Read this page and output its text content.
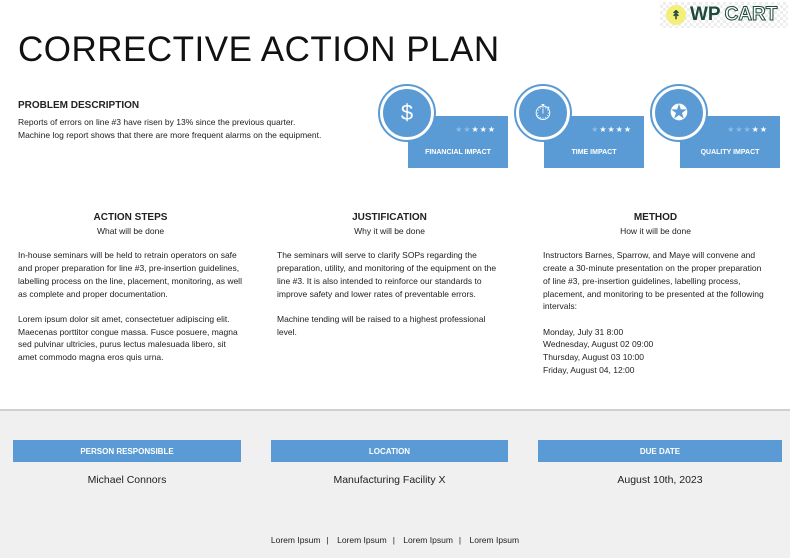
↟ WP CART
CORRECTIVE ACTION PLAN
PROBLEM DESCRIPTION
Reports of errors on line #3 have risen by 13% since the previous quarter.
Machine log report shows that there are more frequent alarms on the equipment.
★★★★★
FINANCIAL IMPACT
$
★★★★★
TIME IMPACT
⏱
★★★★★
QUALITY IMPACT
✪
ACTION STEPS
What will be done

In-house seminars will be held to retrain operators on safe and proper preparation for line #3, pre-insertion guidelines, labelling process on the line, placement, monitoring, as well as complete and proper documentation.

Lorem ipsum dolor sit amet, consectetuer adipiscing elit. Maecenas porttitor congue massa. Fusce posuere, magna sed pulvinar ultricies, purus lectus malesuada libero, sit amet commodo magna eros quis urna.

JUSTIFICATION
Why it will be done

The seminars will serve to clarify SOPs regarding the preparation, utility, and monitoring of the equipment on the line #3. It is also intended to reinforce our standards to improve safety and lower rates of preventable errors.

Machine tending will be raised to a highest professional level.

METHOD
How it will be done

Instructors Barnes, Sparrow, and Maye will convene and create a 30-minute presentation on the proper preparation of line #3, pre-insertion guidelines, labelling process, placement, and monitoring to be presented at the following intervals:

Monday, July 31 8:00
Wednesday, August 02 09:00
Thursday, August 03 10:00
Friday, August 04, 12:00
PERSON RESPONSIBLE	LOCATION	DUE DATE
Michael Connors	Manufacturing Facility X	August 10th, 2023
Lorem Ipsum | Lorem Ipsum | Lorem Ipsum | Lorem Ipsum
